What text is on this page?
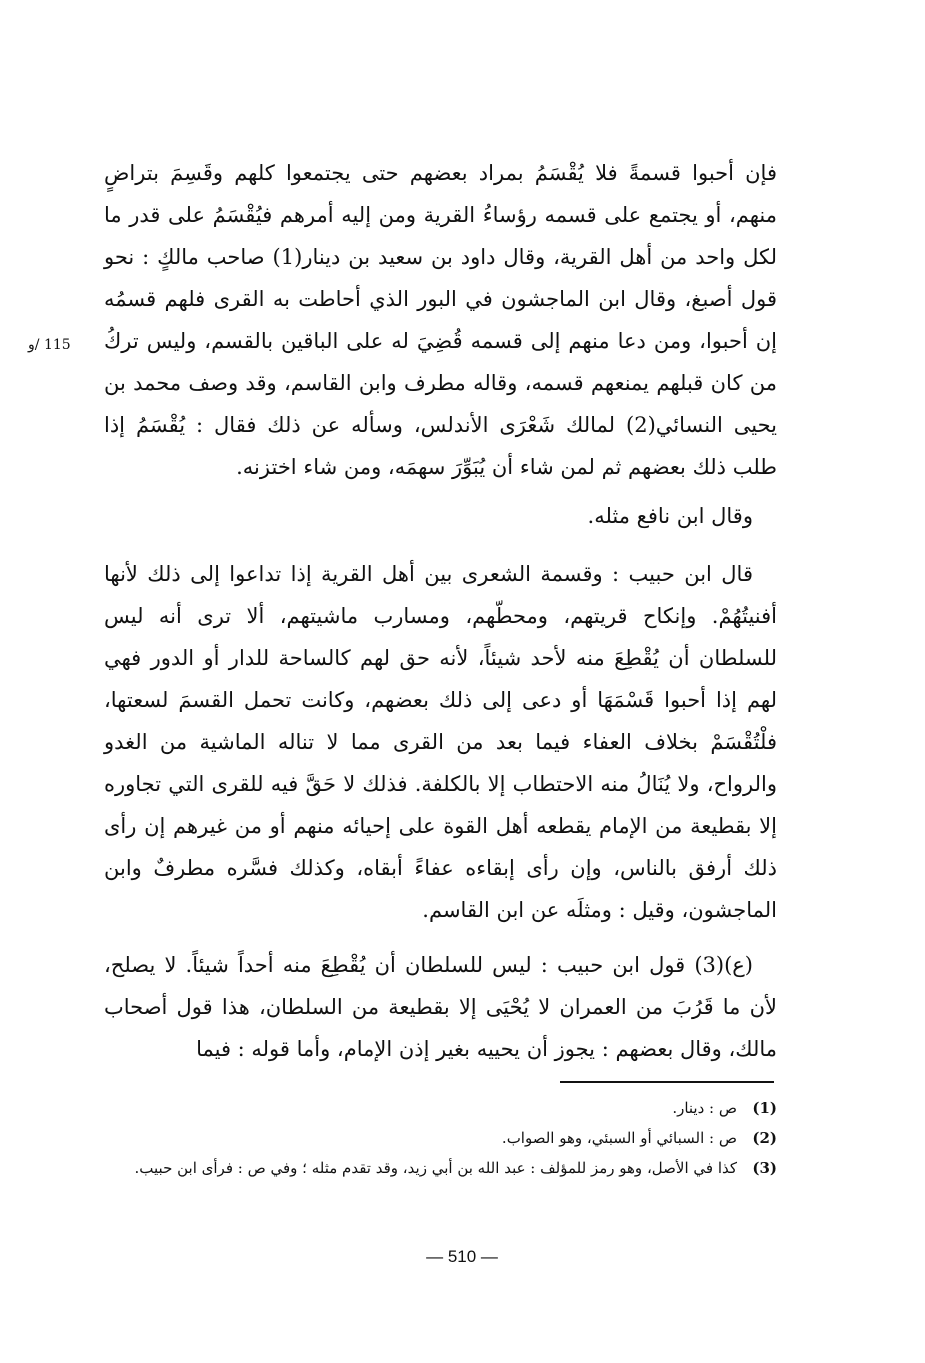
115 /و

فإن أحبوا قسمةً فلا يُقْسَمُ بمراد بعضهم حتى يجتمعوا كلهم وقَسِمَ بتراضٍ منهم، أو يجتمع على قسمه رؤساءُ القرية ومن إليه أمرهم فيُقْسَمُ على قدر ما لكل واحد من أهل القرية، وقال داود بن سعيد بن دينار(1) صاحب مالكٍ : نحو قول أصبغ، وقال ابن الماجشون في البور الذي أحاطت به القرى فلهم قسمُه إن أحبوا، ومن دعا منهم إلى قسمه قُضِيَ له على الباقين بالقسم، وليس تركُ من كان قبلهم يمنعهم قسمه، وقاله مطرف وابن القاسم، وقد وصف محمد بن يحيى النسائي(2) لمالك شَعْرَى الأندلس، وسأله عن ذلك فقال : يُقْسَمُ إذا طلب ذلك بعضهم ثم لمن شاء أن يُبَوِّرَ سهمَه، ومن شاء اختزنه.

وقال ابن نافع مثله.

قال ابن حبيب : وقسمة الشعرى بين أهل القرية إذا تداعوا إلى ذلك لأنها أفنيتُهُمْ. وإنكاح قريتهم، ومحطّهم، ومسارب ماشيتهم، ألا ترى أنه ليس للسلطان أن يُقْطِعَ منه لأحد شيئاً، لأنه حق لهم كالساحة للدار أو الدور فهي لهم إذا أحبوا قَسْمَهَا أو دعى إلى ذلك بعضهم، وكانت تحمل القسمَ لسعتها، فلْتُقْسَمْ بخلاف العفاء فيما بعد من القرى مما لا تناله الماشية من الغدو والرواح، ولا يُنَالُ منه الاحتطاب إلا بالكلفة. فذلك لا حَقَّ فيه للقرى التي تجاوره إلا بقطيعة من الإمام يقطعه أهل القوة على إحيائه منهم أو من غيرهم إن رأى ذلك أرفق بالناس، وإن رأى إبقاءه عفاءً أبقاه، وكذلك فسَّره مطرفٌ وابن الماجشون، وقيل : ومثلَه عن ابن القاسم.

(ع)(3) قول ابن حبيب : ليس للسلطان أن يُقْطِعَ منه أحداً شيئاً. لا يصلح، لأن ما قَرُبَ من العمران لا يُحْيَى إلا بقطيعة من السلطان، هذا قول أصحاب مالك، وقال بعضهم : يجوز أن يحييه بغير إذن الإمام، وأما قوله : فيما

(1)
ص : دينار.
(2)
ص : السبائي أو السبئي، وهو الصواب.
(3)
كذا في الأصل، وهو رمز للمؤلف : عبد الله بن أبي زيد، وقد تقدم مثله ؛ وفي ص : فرأى ابن حبيب.
— 510 —
